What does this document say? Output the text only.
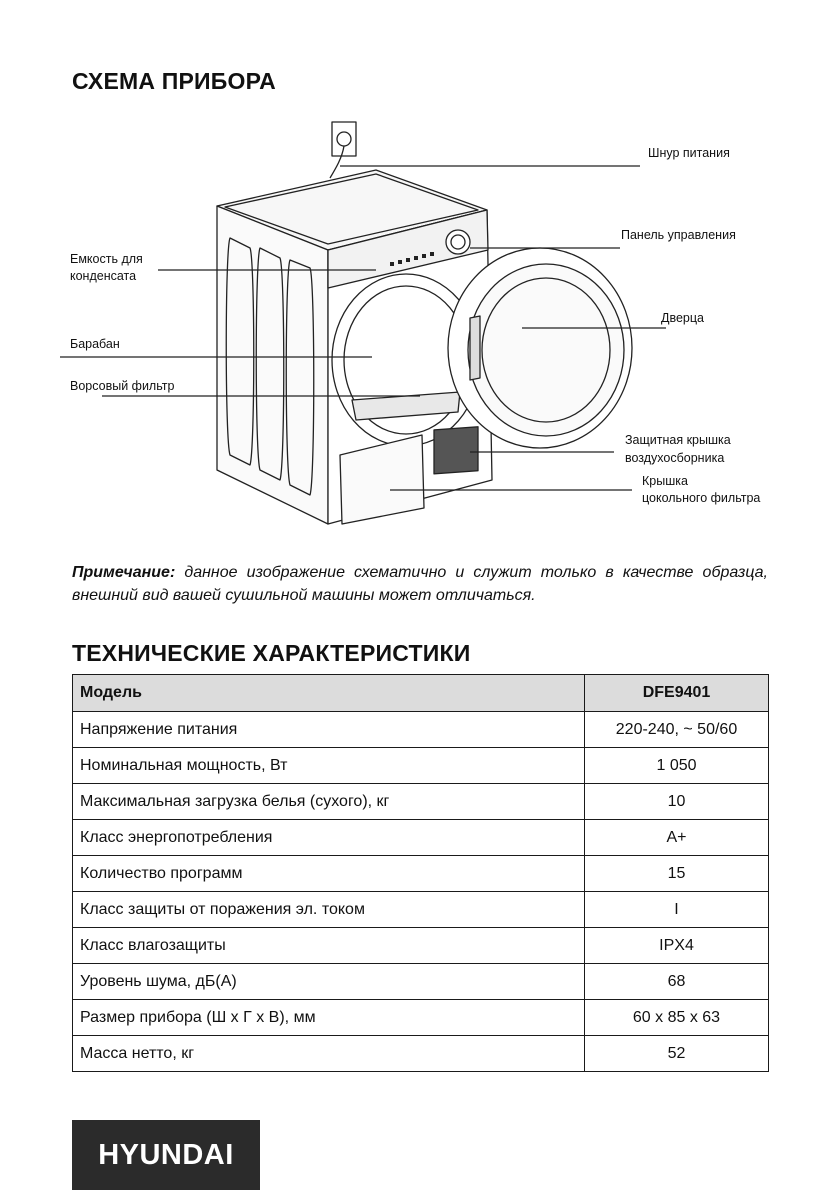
СХЕМА ПРИБОРА
Шнур питания
Панель управления
Емкость для
конденсата
Дверца
Барабан
Ворсовый фильтр
Защитная крышка
воздухосборника
Крышка
цокольного фильтра

Примечание: данное изображение схематично и служит только в качестве образца, внешний вид вашей сушильной машины может отличаться.

ТЕХНИЧЕСКИЕ ХАРАКТЕРИСТИКИ
Модель	DFE9401
Напряжение питания	220-240, ~ 50/60
Номинальная мощность, Вт	1 050
Максимальная загрузка белья (сухого), кг	10
Класс энергопотребления	A+
Количество программ	15
Класс защиты от поражения эл. током	I
Класс влагозащиты	IPX4
Уровень шума, дБ(А)	68
Размер прибора (Ш х Г х В), мм	60 х 85 х 63
Масса нетто, кг	52
HYUNDAI
